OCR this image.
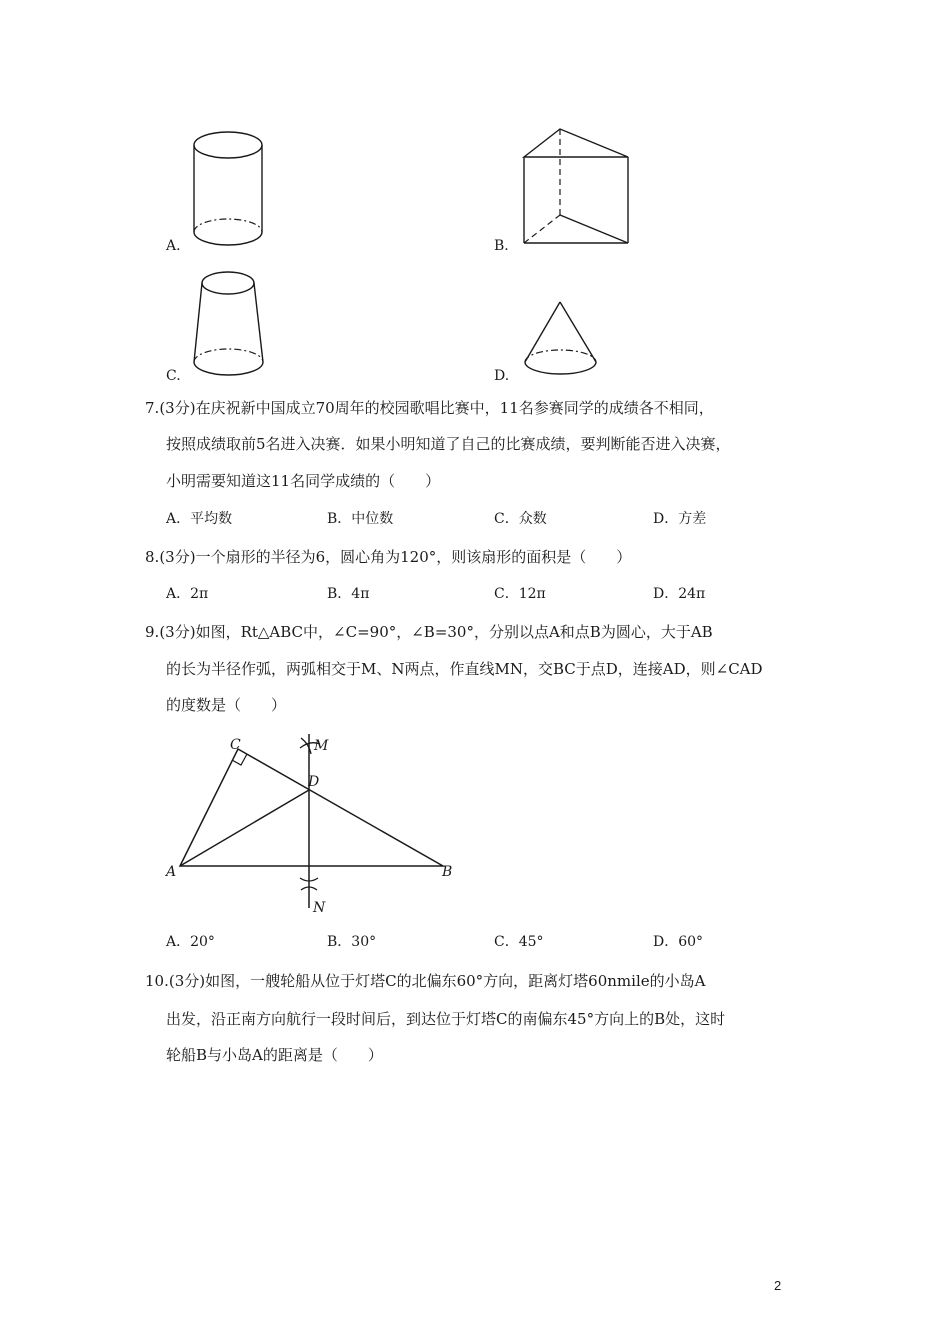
A.	B.
C.	D.
7.(3分)在庆祝新中国成立70周年的校园歌唱比赛中，11名参赛同学的成绩各不相同，
按照成绩取前5名进入决赛．如果小明知道了自己的比赛成绩，要判断能否进入决赛，
小明需要知道这11名同学成绩的（　　）
A．平均数	B．中位数	C．众数	D．方差
8.(3分)一个扇形的半径为6，圆心角为120°，则该扇形的面积是（　　）
A．2π	B．4π	C．12π	D．24π
9.(3分)如图，Rt△ABC中，∠C=90°，∠B=30°，分别以点A和点B为圆心，大于AB
的长为半径作弧，两弧相交于M、N两点，作直线MN，交BC于点D，连接AD，则∠CAD
的度数是（　　）
C	M
D
A	B
N
A．20°	B．30°	C．45°	D．60°
10.(3分)如图，一艘轮船从位于灯塔C的北偏东60°方向，距离灯塔60nmile的小岛A
出发，沿正南方向航行一段时间后，到达位于灯塔C的南偏东45°方向上的B处，这时
轮船B与小岛A的距离是（　　）
2
